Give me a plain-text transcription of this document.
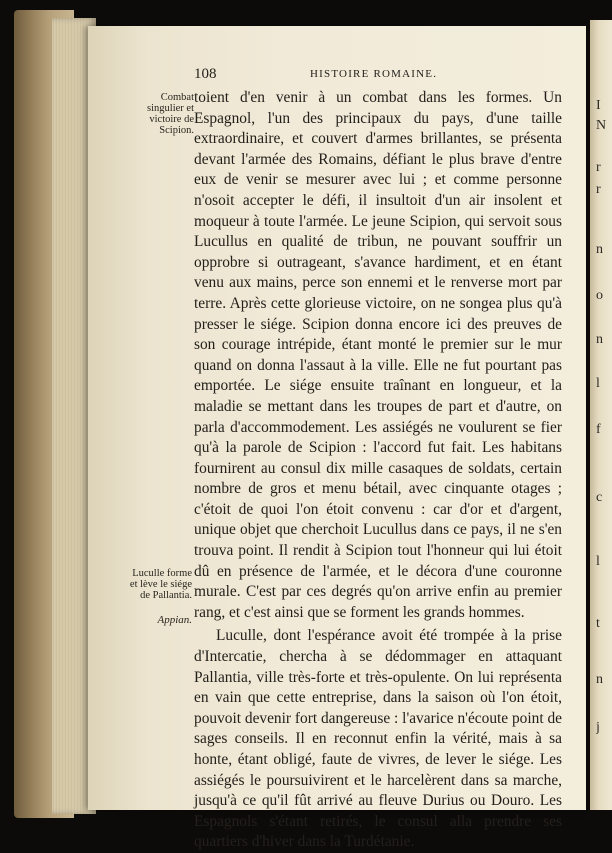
I
N
r
r
n
o
n
l
f
c
l
t
n
j
108	HISTOIRE ROMAINE.
Combat singulier et victoire de Scipion.
Luculle forme et lève le siége de Pallantia.
Appian.

toient d'en venir à un combat dans les formes. Un Espagnol, l'un des principaux du pays, d'une taille extraordinaire, et couvert d'armes brillantes, se présenta devant l'armée des Romains, défiant le plus brave d'entre eux de venir se mesurer avec lui ; et comme personne n'osoit accepter le défi, il insultoit d'un air insolent et moqueur à toute l'armée. Le jeune Scipion, qui servoit sous Lucullus en qualité de tribun, ne pouvant souffrir un opprobre si outrageant, s'avance hardiment, et en étant venu aux mains, perce son ennemi et le renverse mort par terre. Après cette glorieuse victoire, on ne songea plus qu'à presser le siége. Scipion donna encore ici des preuves de son courage intrépide, étant monté le premier sur le mur quand on donna l'assaut à la ville. Elle ne fut pourtant pas emportée. Le siége ensuite traînant en longueur, et la maladie se mettant dans les troupes de part et d'autre, on parla d'accommodement. Les assiégés ne voulurent se fier qu'à la parole de Scipion : l'accord fut fait. Les habitans fournirent au consul dix mille casaques de soldats, certain nombre de gros et menu bétail, avec cinquante otages ; c'étoit de quoi l'on étoit convenu : car d'or et d'argent, unique objet que cherchoit Lucullus dans ce pays, il ne s'en trouva point. Il rendit à Scipion tout l'honneur qui lui étoit dû en présence de l'armée, et le décora d'une couronne murale. C'est par ces degrés qu'on arrive enfin au premier rang, et c'est ainsi que se forment les grands hommes.

Luculle, dont l'espérance avoit été trompée à la prise d'Intercatie, chercha à se dédommager en attaquant Pallantia, ville très-forte et très-opulente. On lui représenta en vain que cette entreprise, dans la saison où l'on étoit, pouvoit devenir fort dangereuse : l'avarice n'écoute point de sages conseils. Il en reconnut enfin la vérité, mais à sa honte, étant obligé, faute de vivres, de lever le siége. Les assiégés le poursuivirent et le harcelèrent dans sa marche, jusqu'à ce qu'il fût arrivé au fleuve Durius ou Douro. Les Espagnols s'étant retirés, le consul alla prendre ses quartiers d'hiver dans la Turdétanie.
